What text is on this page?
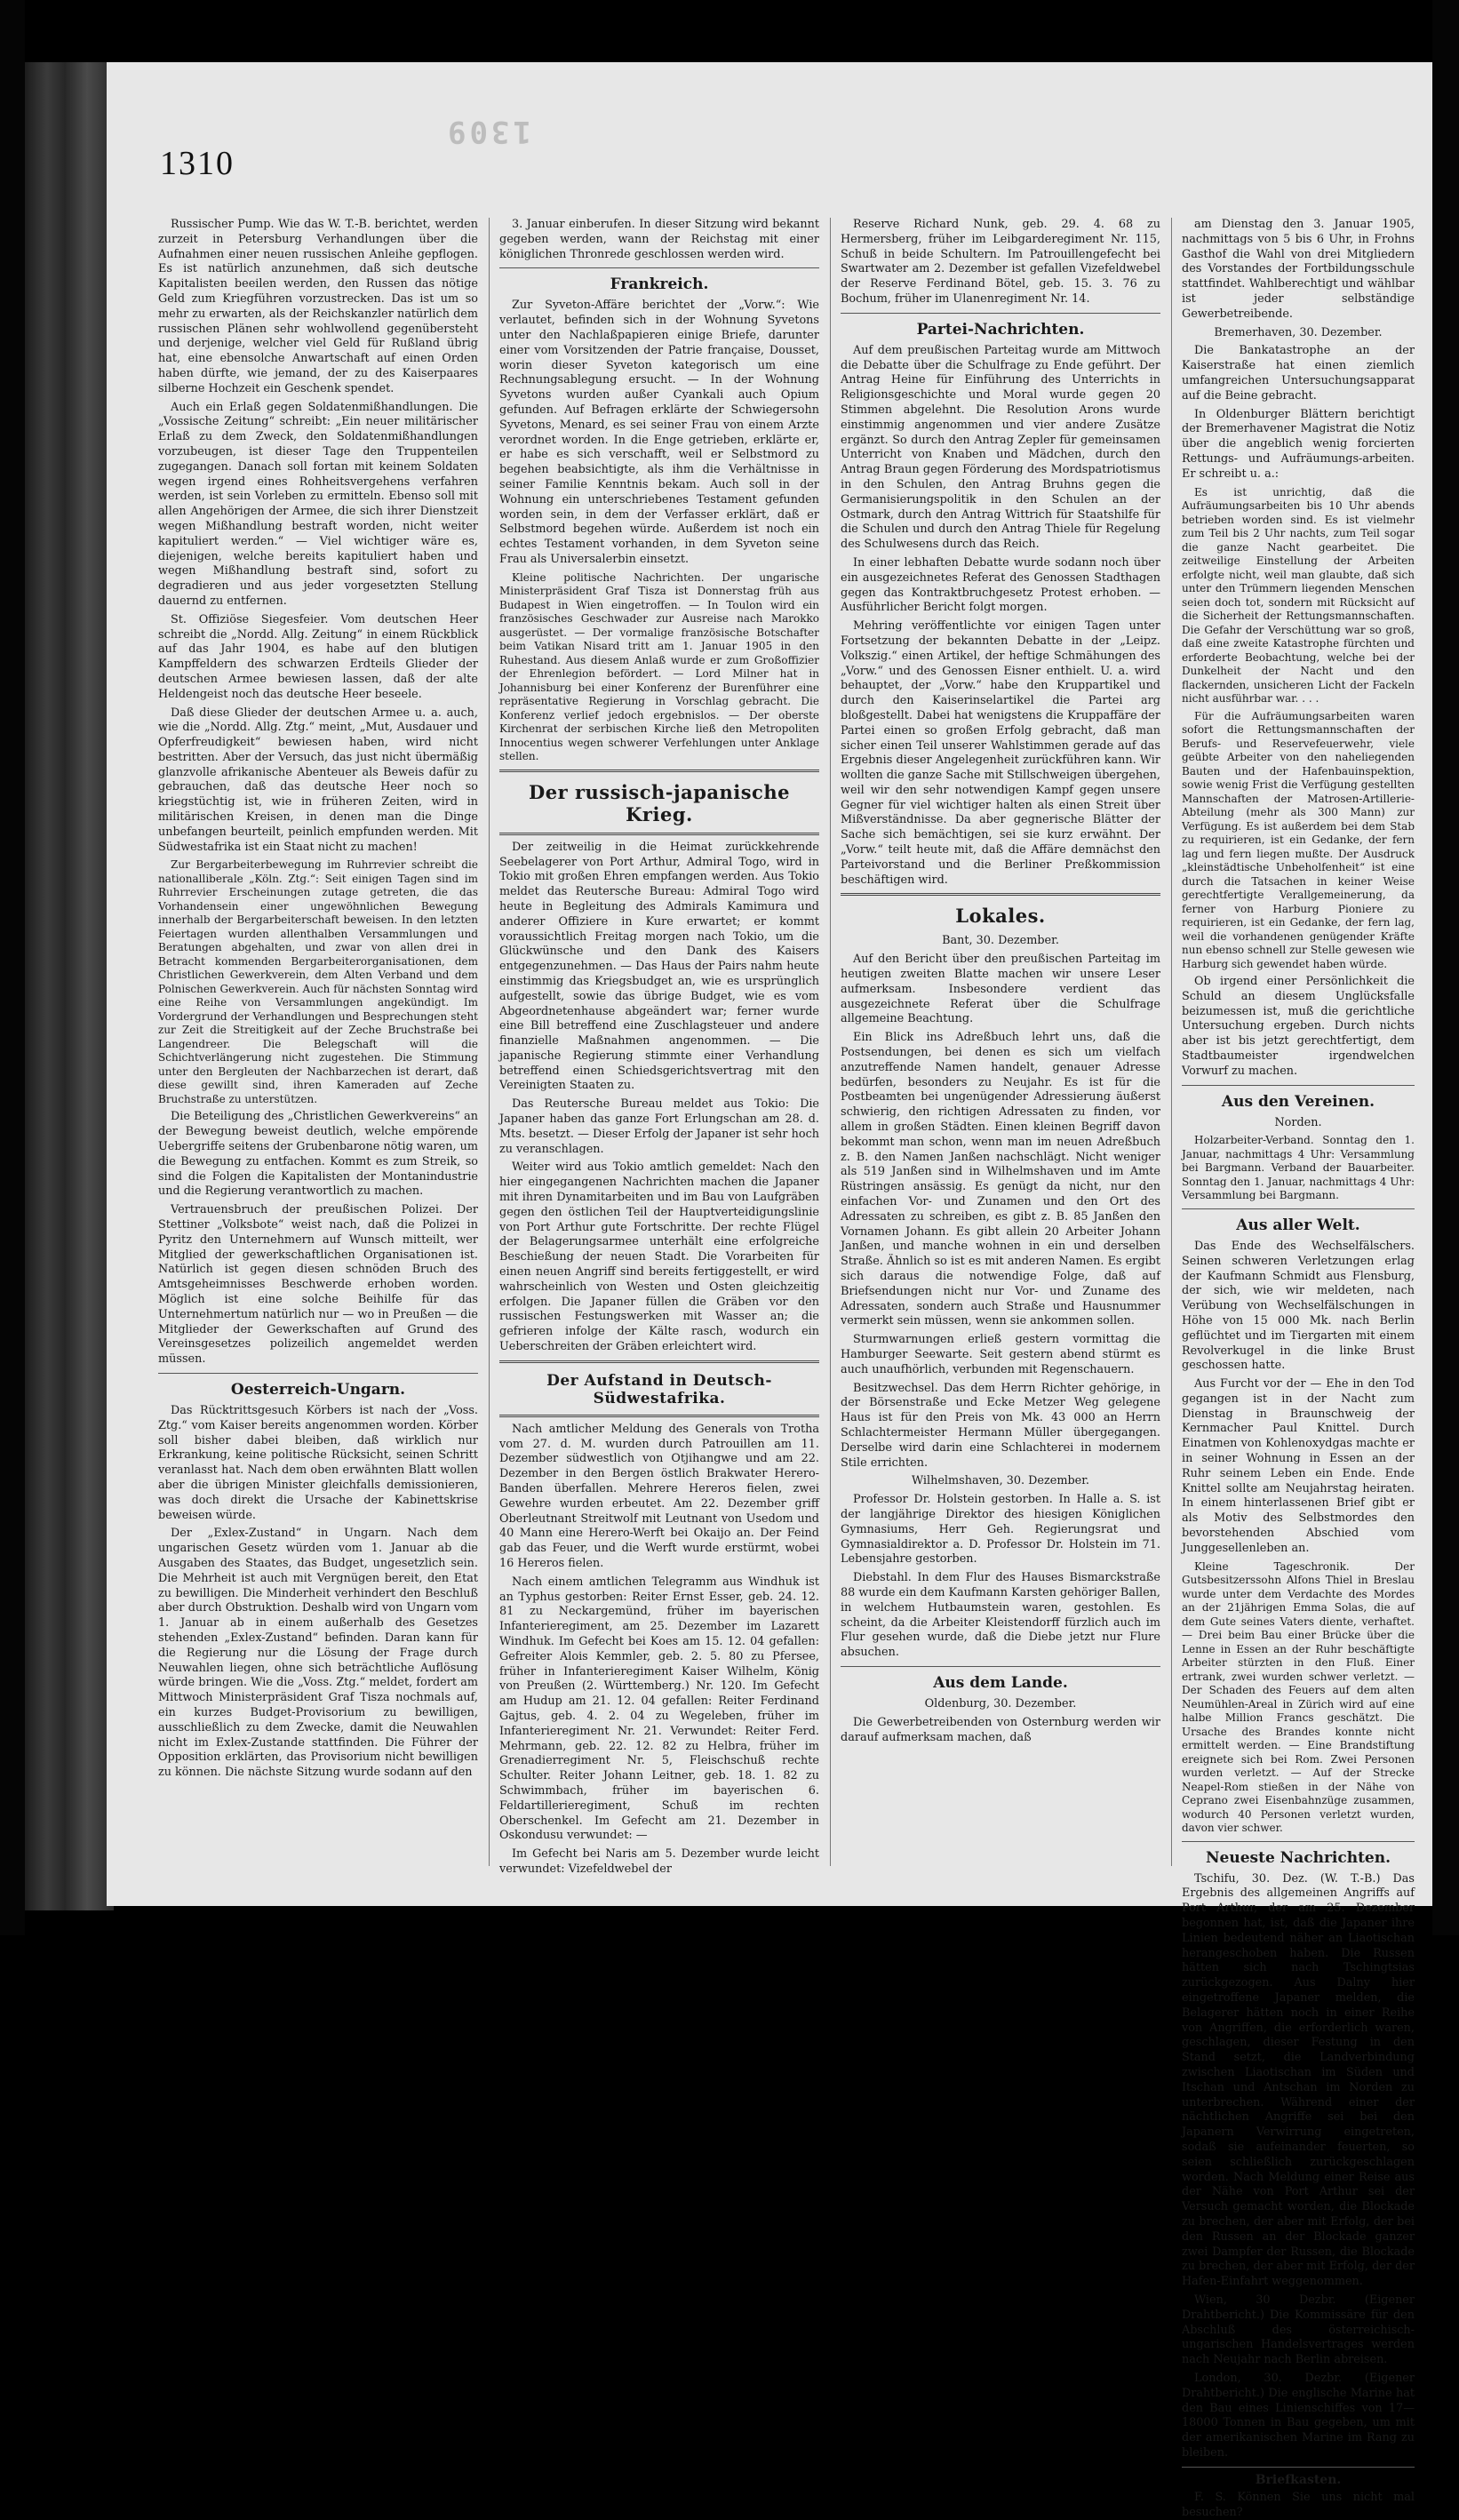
1309
1310

Russischer Pump. Wie das W. T.-B. berichtet, werden zurzeit in Petersburg Verhandlungen über die Aufnahmen einer neuen russischen Anleihe gepflogen. Es ist natürlich anzunehmen, daß sich deutsche Kapitalisten beeilen werden, den Russen das nötige Geld zum Kriegführen vorzustrecken. Das ist um so mehr zu erwarten, als der Reichskanzler natürlich dem russischen Plänen sehr wohlwollend gegenübersteht und derjenige, welcher viel Geld für Rußland übrig hat, eine ebensolche Anwartschaft auf einen Orden haben dürfte, wie jemand, der zu des Kaiserpaares silberne Hochzeit ein Geschenk spendet.

Auch ein Erlaß gegen Soldatenmißhandlungen. Die „Vossische Zeitung“ schreibt: „Ein neuer militärischer Erlaß zu dem Zweck, den Soldatenmißhandlungen vorzubeugen, ist dieser Tage den Truppenteilen zugegangen. Danach soll fortan mit keinem Soldaten wegen irgend eines Rohheitsvergehens verfahren werden, ist sein Vorleben zu ermitteln. Ebenso soll mit allen Angehörigen der Armee, die sich ihrer Dienstzeit wegen Mißhandlung bestraft worden, nicht weiter kapituliert werden.“ — Viel wichtiger wäre es, diejenigen, welche bereits kapituliert haben und wegen Mißhandlung bestraft sind, sofort zu degradieren und aus jeder vorgesetzten Stellung dauernd zu entfernen.

St. Offiziöse Siegesfeier. Vom deutschen Heer schreibt die „Nordd. Allg. Zeitung“ in einem Rückblick auf das Jahr 1904, es habe auf den blutigen Kampffeldern des schwarzen Erdteils Glieder der deutschen Armee bewiesen lassen, daß der alte Heldengeist noch das deutsche Heer beseele.

Daß diese Glieder der deutschen Armee u. a. auch, wie die „Nordd. Allg. Ztg.“ meint, „Mut, Ausdauer und Opferfreudigkeit“ bewiesen haben, wird nicht bestritten. Aber der Versuch, das just nicht übermäßig glanzvolle afrikanische Abenteuer als Beweis dafür zu gebrauchen, daß das deutsche Heer noch so kriegstüchtig ist, wie in früheren Zeiten, wird in militärischen Kreisen, in denen man die Dinge unbefangen beurteilt, peinlich empfunden werden. Mit Südwestafrika ist ein Staat nicht zu machen!

Zur Bergarbeiterbewegung im Ruhrrevier schreibt die nationalliberale „Köln. Ztg.“: Seit einigen Tagen sind im Ruhrrevier Erscheinungen zutage getreten, die das Vorhandensein einer ungewöhnlichen Bewegung innerhalb der Bergarbeiterschaft beweisen. In den letzten Feiertagen wurden allenthalben Versammlungen und Beratungen abgehalten, und zwar von allen drei in Betracht kommenden Bergarbeiterorganisationen, dem Christlichen Gewerkverein, dem Alten Verband und dem Polnischen Gewerkverein. Auch für nächsten Sonntag wird eine Reihe von Versammlungen angekündigt. Im Vordergrund der Verhandlungen und Besprechungen steht zur Zeit die Streitigkeit auf der Zeche Bruchstraße bei Langendreer. Die Belegschaft will die Schichtverlängerung nicht zugestehen. Die Stimmung unter den Bergleuten der Nachbarzechen ist derart, daß diese gewillt sind, ihren Kameraden auf Zeche Bruchstraße zu unterstützen.

Die Beteiligung des „Christlichen Gewerkvereins“ an der Bewegung beweist deutlich, welche empörende Uebergriffe seitens der Grubenbarone nötig waren, um die Bewegung zu entfachen. Kommt es zum Streik, so sind die Folgen die Kapitalisten der Montanindustrie und die Regierung verantwortlich zu machen.

Vertrauensbruch der preußischen Polizei. Der Stettiner „Volksbote“ weist nach, daß die Polizei in Pyritz den Unternehmern auf Wunsch mitteilt, wer Mitglied der gewerkschaftlichen Organisationen ist. Natürlich ist gegen diesen schnöden Bruch des Amtsgeheimnisses Beschwerde erhoben worden. Möglich ist eine solche Beihilfe für das Unternehmertum natürlich nur — wo in Preußen — die Mitglieder der Gewerkschaften auf Grund des Vereinsgesetzes polizeilich angemeldet werden müssen.

Oesterreich-Ungarn.

Das Rücktrittsgesuch Körbers ist nach der „Voss. Ztg.“ vom Kaiser bereits angenommen worden. Körber soll bisher dabei bleiben, daß wirklich nur Erkrankung, keine politische Rücksicht, seinen Schritt veranlasst hat. Nach dem oben erwähnten Blatt wollen aber die übrigen Minister gleichfalls demissionieren, was doch direkt die Ursache der Kabinettskrise beweisen würde.

Der „Exlex-Zustand“ in Ungarn. Nach dem ungarischen Gesetz würden vom 1. Januar ab die Ausgaben des Staates, das Budget, ungesetzlich sein. Die Mehrheit ist auch mit Vergnügen bereit, den Etat zu bewilligen. Die Minderheit verhindert den Beschluß aber durch Obstruktion. Deshalb wird von Ungarn vom 1. Januar ab in einem außerhalb des Gesetzes stehenden „Exlex-Zustand“ befinden. Daran kann für die Regierung nur die Lösung der Frage durch Neuwahlen liegen, ohne sich beträchtliche Auflösung würde bringen. Wie die „Voss. Ztg.“ meldet, fordert am Mittwoch Ministerpräsident Graf Tisza nochmals auf, ein kurzes Budget-Provisorium zu bewilligen, ausschließlich zu dem Zwecke, damit die Neuwahlen nicht im Exlex-Zustande stattfinden. Die Führer der Opposition erklärten, das Provisorium nicht bewilligen zu können. Die nächste Sitzung wurde sodann auf den

3. Januar einberufen. In dieser Sitzung wird bekannt gegeben werden, wann der Reichstag mit einer königlichen Thronrede geschlossen werden wird.

Frankreich.

Zur Syveton-Affäre berichtet der „Vorw.“: Wie verlautet, befinden sich in der Wohnung Syvetons unter den Nachlaßpapieren einige Briefe, darunter einer vom Vorsitzenden der Patrie française, Dousset, worin dieser Syveton kategorisch um eine Rechnungsablegung ersucht. — In der Wohnung Syvetons wurden außer Cyankali auch Opium gefunden. Auf Befragen erklärte der Schwiegersohn Syvetons, Menard, es sei seiner Frau von einem Arzte verordnet worden. In die Enge getrieben, erklärte er, er habe es sich verschafft, weil er Selbstmord zu begehen beabsichtigte, als ihm die Verhältnisse in seiner Familie Kenntnis bekam. Auch soll in der Wohnung ein unterschriebenes Testament gefunden worden sein, in dem der Verfasser erklärt, daß er Selbstmord begehen würde. Außerdem ist noch ein echtes Testament vorhanden, in dem Syveton seine Frau als Universalerbin einsetzt.

Kleine politische Nachrichten. Der ungarische Ministerpräsident Graf Tisza ist Donnerstag früh aus Budapest in Wien eingetroffen. — In Toulon wird ein französisches Geschwader zur Ausreise nach Marokko ausgerüstet. — Der vormalige französische Botschafter beim Vatikan Nisard tritt am 1. Januar 1905 in den Ruhestand. Aus diesem Anlaß wurde er zum Großoffizier der Ehrenlegion befördert. — Lord Milner hat in Johannisburg bei einer Konferenz der Burenführer eine repräsentative Regierung in Vorschlag gebracht. Die Konferenz verlief jedoch ergebnislos. — Der oberste Kirchenrat der serbischen Kirche ließ den Metropoliten Innocentius wegen schwerer Verfehlungen unter Anklage stellen.

Der russisch-japanische Krieg.

Der zeitweilig in die Heimat zurückkehrende Seebelagerer von Port Arthur, Admiral Togo, wird in Tokio mit großen Ehren empfangen werden. Aus Tokio meldet das Reutersche Bureau: Admiral Togo wird heute in Begleitung des Admirals Kamimura und anderer Offiziere in Kure erwartet; er kommt voraussichtlich Freitag morgen nach Tokio, um die Glückwünsche und den Dank des Kaisers entgegenzunehmen. — Das Haus der Pairs nahm heute einstimmig das Kriegsbudget an, wie es ursprünglich aufgestellt, sowie das übrige Budget, wie es vom Abgeordnetenhause abgeändert war; ferner wurde eine Bill betreffend eine Zuschlagsteuer und andere finanzielle Maßnahmen angenommen. — Die japanische Regierung stimmte einer Verhandlung betreffend einen Schiedsgerichtsvertrag mit den Vereinigten Staaten zu.

Das Reutersche Bureau meldet aus Tokio: Die Japaner haben das ganze Fort Erlungschan am 28. d. Mts. besetzt. — Dieser Erfolg der Japaner ist sehr hoch zu veranschlagen.

Weiter wird aus Tokio amtlich gemeldet: Nach den hier eingegangenen Nachrichten machen die Japaner mit ihren Dynamitarbeiten und im Bau von Laufgräben gegen den östlichen Teil der Hauptverteidigungslinie von Port Arthur gute Fortschritte. Der rechte Flügel der Belagerungsarmee unterhält eine erfolgreiche Beschießung der neuen Stadt. Die Vorarbeiten für einen neuen Angriff sind bereits fertiggestellt, er wird wahrscheinlich von Westen und Osten gleichzeitig erfolgen. Die Japaner füllen die Gräben vor den russischen Festungswerken mit Wasser an; die gefrieren infolge der Kälte rasch, wodurch ein Ueberschreiten der Gräben erleichtert wird.

Der Aufstand in Deutsch-Südwestafrika.

Nach amtlicher Meldung des Generals von Trotha vom 27. d. M. wurden durch Patrouillen am 11. Dezember südwestlich von Otjihangwe und am 22. Dezember in den Bergen östlich Brakwater Herero-Banden überfallen. Mehrere Hereros fielen, zwei Gewehre wurden erbeutet. Am 22. Dezember griff Oberleutnant Streitwolf mit Leutnant von Usedom und 40 Mann eine Herero-Werft bei Okaijo an. Der Feind gab das Feuer, und die Werft wurde erstürmt, wobei 16 Hereros fielen.

Nach einem amtlichen Telegramm aus Windhuk ist an Typhus gestorben: Reiter Ernst Esser, geb. 24. 12. 81 zu Neckargemünd, früher im bayerischen Infanterieregiment, am 25. Dezember im Lazarett Windhuk. Im Gefecht bei Koes am 15. 12. 04 gefallen: Gefreiter Alois Kemmler, geb. 2. 5. 80 zu Pfersee, früher in Infanterieregiment Kaiser Wilhelm, König von Preußen (2. Württemberg.) Nr. 120. Im Gefecht am Hudup am 21. 12. 04 gefallen: Reiter Ferdinand Gajtus, geb. 4. 2. 04 zu Wegeleben, früher im Infanterieregiment Nr. 21. Verwundet: Reiter Ferd. Mehrmann, geb. 22. 12. 82 zu Helbra, früher im Grenadierregiment Nr. 5, Fleischschuß rechte Schulter. Reiter Johann Leitner, geb. 18. 1. 82 zu Schwimmbach, früher im bayerischen 6. Feldartillerieregiment, Schuß im rechten Oberschenkel. Im Gefecht am 21. Dezember in Oskondusu verwundet: —

Im Gefecht bei Naris am 5. Dezember wurde leicht verwundet: Vizefeldwebel der

Reserve Richard Nunk, geb. 29. 4. 68 zu Hermersberg, früher im Leibgarderegiment Nr. 115, Schuß in beide Schultern. Im Patrouillengefecht bei Swartwater am 2. Dezember ist gefallen Vizefeldwebel der Reserve Ferdinand Bötel, geb. 15. 3. 76 zu Bochum, früher im Ulanenregiment Nr. 14.

Partei-Nachrichten.

Auf dem preußischen Parteitag wurde am Mittwoch die Debatte über die Schulfrage zu Ende geführt. Der Antrag Heine für Einführung des Unterrichts in Religionsgeschichte und Moral wurde gegen 20 Stimmen abgelehnt. Die Resolution Arons wurde einstimmig angenommen und vier andere Zusätze ergänzt. So durch den Antrag Zepler für gemeinsamen Unterricht von Knaben und Mädchen, durch den Antrag Braun gegen Förderung des Mordspatriotismus in den Schulen, den Antrag Bruhns gegen die Germanisierungspolitik in den Schulen an der Ostmark, durch den Antrag Wittrich für Staatshilfe für die Schulen und durch den Antrag Thiele für Regelung des Schulwesens durch das Reich.

In einer lebhaften Debatte wurde sodann noch über ein ausgezeichnetes Referat des Genossen Stadthagen gegen das Kontraktbruchgesetz Protest erhoben. — Ausführlicher Bericht folgt morgen.

Mehring veröffentlichte vor einigen Tagen unter Fortsetzung der bekannten Debatte in der „Leipz. Volkszig.“ einen Artikel, der heftige Schmähungen des „Vorw.“ und des Genossen Eisner enthielt. U. a. wird behauptet, der „Vorw.“ habe den Kruppartikel und durch den Kaiserinselartikel die Partei arg bloßgestellt. Dabei hat wenigstens die Kruppaffäre der Partei einen so großen Erfolg gebracht, daß man sicher einen Teil unserer Wahlstimmen gerade auf das Ergebnis dieser Angelegenheit zurückführen kann. Wir wollten die ganze Sache mit Stillschweigen übergehen, weil wir den sehr notwendigen Kampf gegen unsere Gegner für viel wichtiger halten als einen Streit über Mißverständnisse. Da aber gegnerische Blätter der Sache sich bemächtigen, sei sie kurz erwähnt. Der „Vorw.“ teilt heute mit, daß die Affäre demnächst den Parteivorstand und die Berliner Preßkommission beschäftigen wird.

Lokales.
Bant, 30. Dezember.

Auf den Bericht über den preußischen Parteitag im heutigen zweiten Blatte machen wir unsere Leser aufmerksam. Insbesondere verdient das ausgezeichnete Referat über die Schulfrage allgemeine Beachtung.

Ein Blick ins Adreßbuch lehrt uns, daß die Postsendungen, bei denen es sich um vielfach anzutreffende Namen handelt, genauer Adresse bedürfen, besonders zu Neujahr. Es ist für die Postbeamten bei ungenügender Adressierung äußerst schwierig, den richtigen Adressaten zu finden, vor allem in großen Städten. Einen kleinen Begriff davon bekommt man schon, wenn man im neuen Adreßbuch z. B. den Namen Janßen nachschlägt. Nicht weniger als 519 Janßen sind in Wilhelmshaven und im Amte Rüstringen ansässig. Es genügt da nicht, nur den einfachen Vor- und Zunamen und den Ort des Adressaten zu schreiben, es gibt z. B. 85 Janßen den Vornamen Johann. Es gibt allein 20 Arbeiter Johann Janßen, und manche wohnen in ein und derselben Straße. Ähnlich so ist es mit anderen Namen. Es ergibt sich daraus die notwendige Folge, daß auf Briefsendungen nicht nur Vor- und Zuname des Adressaten, sondern auch Straße und Hausnummer vermerkt sein müssen, wenn sie ankommen sollen.

Sturmwarnungen erließ gestern vormittag die Hamburger Seewarte. Seit gestern abend stürmt es auch unaufhörlich, verbunden mit Regenschauern.

Besitzwechsel. Das dem Herrn Richter gehörige, in der Börsenstraße und Ecke Metzer Weg gelegene Haus ist für den Preis von Mk. 43 000 an Herrn Schlachtermeister Hermann Müller übergegangen. Derselbe wird darin eine Schlachterei in modernem Stile errichten.

Wilhelmshaven, 30. Dezember.

Professor Dr. Holstein gestorben. In Halle a. S. ist der langjährige Direktor des hiesigen Königlichen Gymnasiums, Herr Geh. Regierungsrat und Gymnasialdirektor a. D. Professor Dr. Holstein im 71. Lebensjahre gestorben.

Diebstahl. In dem Flur des Hauses Bismarckstraße 88 wurde ein dem Kaufmann Karsten gehöriger Ballen, in welchem Hutbaumstein waren, gestohlen. Es scheint, da die Arbeiter Kleistendorff fürzlich auch im Flur gesehen wurde, daß die Diebe jetzt nur Flure absuchen.

Aus dem Lande.
Oldenburg, 30. Dezember.

Die Gewerbetreibenden von Osternburg werden wir darauf aufmerksam machen, daß

am Dienstag den 3. Januar 1905, nachmittags von 5 bis 6 Uhr, in Frohns Gasthof die Wahl von drei Mitgliedern des Vorstandes der Fortbildungsschule stattfindet. Wahlberechtigt und wählbar ist jeder selbständige Gewerbetreibende.

Bremerhaven, 30. Dezember.

Die Bankatastrophe an der Kaiserstraße hat einen ziemlich umfangreichen Untersuchungsapparat auf die Beine gebracht.

In Oldenburger Blättern berichtigt der Bremerhavener Magistrat die Notiz über die angeblich wenig forcierten Rettungs- und Aufräumungs-arbeiten. Er schreibt u. a.:

Es ist unrichtig, daß die Aufräumungsarbeiten bis 10 Uhr abends betrieben worden sind. Es ist vielmehr zum Teil bis 2 Uhr nachts, zum Teil sogar die ganze Nacht gearbeitet. Die zeitweilige Einstellung der Arbeiten erfolgte nicht, weil man glaubte, daß sich unter den Trümmern liegenden Menschen seien doch tot, sondern mit Rücksicht auf die Sicherheit der Rettungsmannschaften. Die Gefahr der Verschüttung war so groß, daß eine zweite Katastrophe fürchten und erforderte Beobachtung, welche bei der Dunkelheit der Nacht und den flackernden, unsicheren Licht der Fackeln nicht ausführbar war. . . .

Für die Aufräumungsarbeiten waren sofort die Rettungsmannschaften der Berufs- und Reservefeuerwehr, viele geübte Arbeiter von den naheliegenden Bauten und der Hafenbauinspektion, sowie wenig Frist die Verfügung gestellten Mannschaften der Matrosen-Artillerie-Abteilung (mehr als 300 Mann) zur Verfügung. Es ist außerdem bei dem Stab zu requirieren, ist ein Gedanke, der fern lag und fern liegen mußte. Der Ausdruck „kleinstädtische Unbeholfenheit“ ist eine durch die Tatsachen in keiner Weise gerechtfertigte Verallgemeinerung, da ferner von Harburg Pioniere zu requirieren, ist ein Gedanke, der fern lag, weil die vorhandenen genügender Kräfte nun ebenso schnell zur Stelle gewesen wie Harburg sich gewendet haben würde.

Ob irgend einer Persönlichkeit die Schuld an diesem Unglücksfalle beizumessen ist, muß die gerichtliche Untersuchung ergeben. Durch nichts aber ist bis jetzt gerechtfertigt, dem Stadtbaumeister irgendwelchen Vorwurf zu machen.

Aus den Vereinen.
Norden.

Holzarbeiter-Verband. Sonntag den 1. Januar, nachmittags 4 Uhr: Versammlung bei Bargmann. Verband der Bauarbeiter. Sonntag den 1. Januar, nachmittags 4 Uhr: Versammlung bei Bargmann.

Aus aller Welt.

Das Ende des Wechselfälschers. Seinen schweren Verletzungen erlag der Kaufmann Schmidt aus Flensburg, der sich, wie wir meldeten, nach Verübung von Wechselfälschungen in Höhe von 15 000 Mk. nach Berlin geflüchtet und im Tiergarten mit einem Revolverkugel in die linke Brust geschossen hatte.

Aus Furcht vor der — Ehe in den Tod gegangen ist in der Nacht zum Dienstag in Braunschweig der Kernmacher Paul Knittel. Durch Einatmen von Kohlenoxydgas machte er in seiner Wohnung in Essen an der Ruhr seinem Leben ein Ende. Ende Knittel sollte am Neujahrstag heiraten. In einem hinterlassenen Brief gibt er als Motiv des Selbstmordes den bevorstehenden Abschied vom Junggesellenleben an.

Kleine Tageschronik. Der Gutsbesitzerssohn Alfons Thiel in Breslau wurde unter dem Verdachte des Mordes an der 21jährigen Emma Solas, die auf dem Gute seines Vaters diente, verhaftet. — Drei beim Bau einer Brücke über die Lenne in Essen an der Ruhr beschäftigte Arbeiter stürzten in den Fluß. Einer ertrank, zwei wurden schwer verletzt. — Der Schaden des Feuers auf dem alten Neumühlen-Areal in Zürich wird auf eine halbe Million Francs geschätzt. Die Ursache des Brandes konnte nicht ermittelt werden. — Eine Brandstiftung ereignete sich bei Rom. Zwei Personen wurden verletzt. — Auf der Strecke Neapel-Rom stießen in der Nähe von Ceprano zwei Eisenbahnzüge zusammen, wodurch 40 Personen verletzt wurden, davon vier schwer.

Neueste Nachrichten.

Tschifu, 30. Dez. (W. T.-B.) Das Ergebnis des allgemeinen Angriffs auf Port Arthur, der am 25. Dezember begonnen hat, ist, daß die Japaner ihre Linien bedeutend näher an Liaotischan herangeschoben haben. Die Russen hätten sich nach Tschingtsias zurückgezogen. Aus Dalny hier eingetroffene Japaner melden, die Belagerer hätten noch in einer Reihe von Angriffen, die erforderlich waren, geschlagen, dieser Festung in den Stand setzt, die Landverbindung zwischen Liaotischan im Süden und Itschan und Antschan im Norden zu unterbrechen. Während einer der nächtlichen Angriffe sei bei den Japanern Verwirrung eingetreten, sodaß sie aufeinander feuerten, so seien schließlich zurückgeschlagen worden. Nach Meldung einer Reise aus der Nähe von Port Arthur sei der Versuch gemacht worden, die Blockade zu brechen, der aber mit Erfolg, der bei den Russen an der Blockade ganzer zwei Dampfer der Russen, die Blockade zu brechen, der aber mit Erfolg, der der Hafen-Einfahrt weggenommen.

Wien, 30 Dezbr. (Eigener Drahtbericht.) Die Kommissäre für den Abschluß des österreichisch-ungarischen Handelsvertrages werden nach Neujahr nach Berlin abreisen.

London, 30. Dezbr. (Eigener Drahtbericht.) Die englische Marine hat den Bau eines Linienschiffes von 17—18000 Tonnen in Bau gegeben, um mit der amerikanischen Marine im Rang zu bleiben.

Briefkasten.

F. S. Können Sie uns nicht mal besuchen?
